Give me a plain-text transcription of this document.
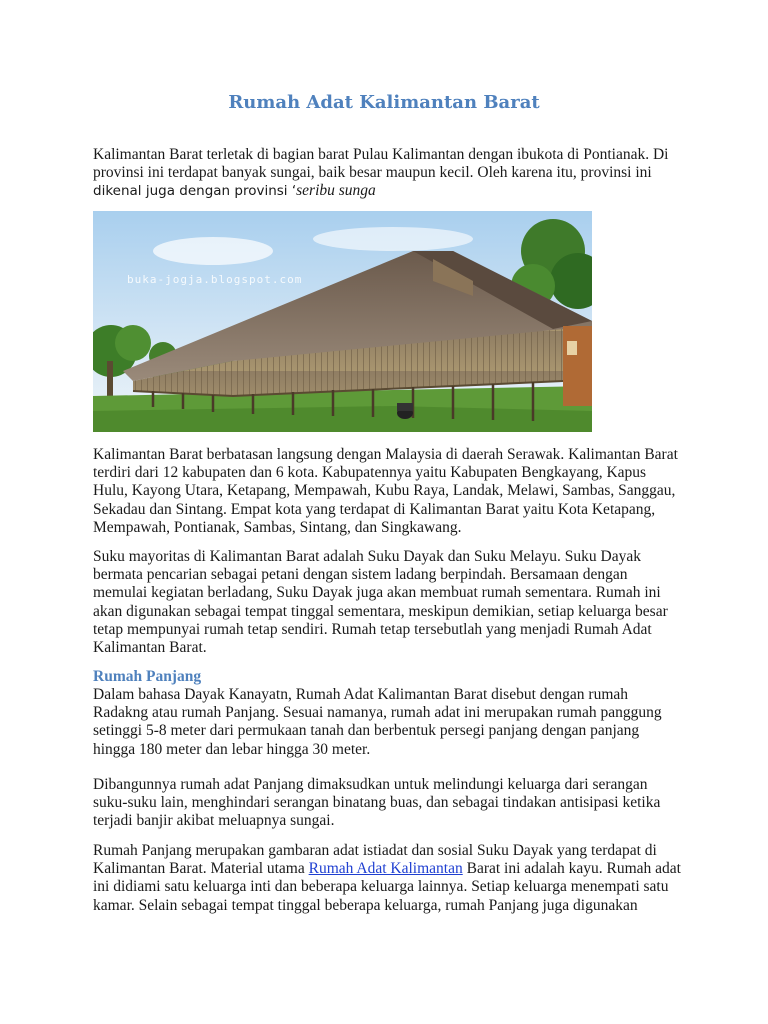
Rumah Adat Kalimantan Barat

Kalimantan Barat terletak di bagian barat Pulau Kalimantan dengan ibukota di Pontianak. Di provinsi ini terdapat banyak sungai, baik besar maupun kecil. Oleh karena itu, provinsi ini dikenal juga dengan provinsi ‘seribu sunga

buka-jogja.blogspot.com

Kalimantan Barat berbatasan langsung dengan Malaysia di daerah Serawak. Kalimantan Barat terdiri dari 12 kabupaten dan 6 kota. Kabupatennya yaitu Kabupaten Bengkayang, Kapus Hulu, Kayong Utara, Ketapang, Mempawah, Kubu Raya, Landak, Melawi, Sambas, Sanggau, Sekadau dan Sintang. Empat kota yang terdapat di Kalimantan Barat yaitu Kota Ketapang, Mempawah, Pontianak, Sambas, Sintang, dan Singkawang.

Suku mayoritas di Kalimantan Barat adalah Suku Dayak dan Suku Melayu. Suku Dayak bermata pencarian sebagai petani dengan sistem ladang berpindah. Bersamaan dengan memulai kegiatan berladang, Suku Dayak juga akan membuat rumah sementara. Rumah ini akan digunakan sebagai tempat tinggal sementara, meskipun demikian, setiap keluarga besar tetap mempunyai rumah tetap sendiri. Rumah tetap tersebutlah yang menjadi Rumah Adat Kalimantan Barat.

Rumah Panjang

Dalam bahasa Dayak Kanayatn, Rumah Adat Kalimantan Barat disebut dengan rumah Radakng atau rumah Panjang. Sesuai namanya, rumah adat ini merupakan rumah panggung setinggi 5-8 meter dari permukaan tanah dan berbentuk persegi panjang dengan panjang hingga 180 meter dan lebar hingga 30 meter.

Dibangunnya rumah adat Panjang dimaksudkan untuk melindungi keluarga dari serangan suku-suku lain, menghindari serangan binatang buas, dan sebagai tindakan antisipasi ketika terjadi banjir akibat meluapnya sungai.

Rumah Panjang merupakan gambaran adat istiadat dan sosial Suku Dayak yang terdapat di Kalimantan Barat. Material utama Rumah Adat Kalimantan Barat ini adalah kayu. Rumah adat ini didiami satu keluarga inti dan beberapa keluarga lainnya. Setiap keluarga menempati satu kamar. Selain sebagai tempat tinggal beberapa keluarga, rumah Panjang juga digunakan
